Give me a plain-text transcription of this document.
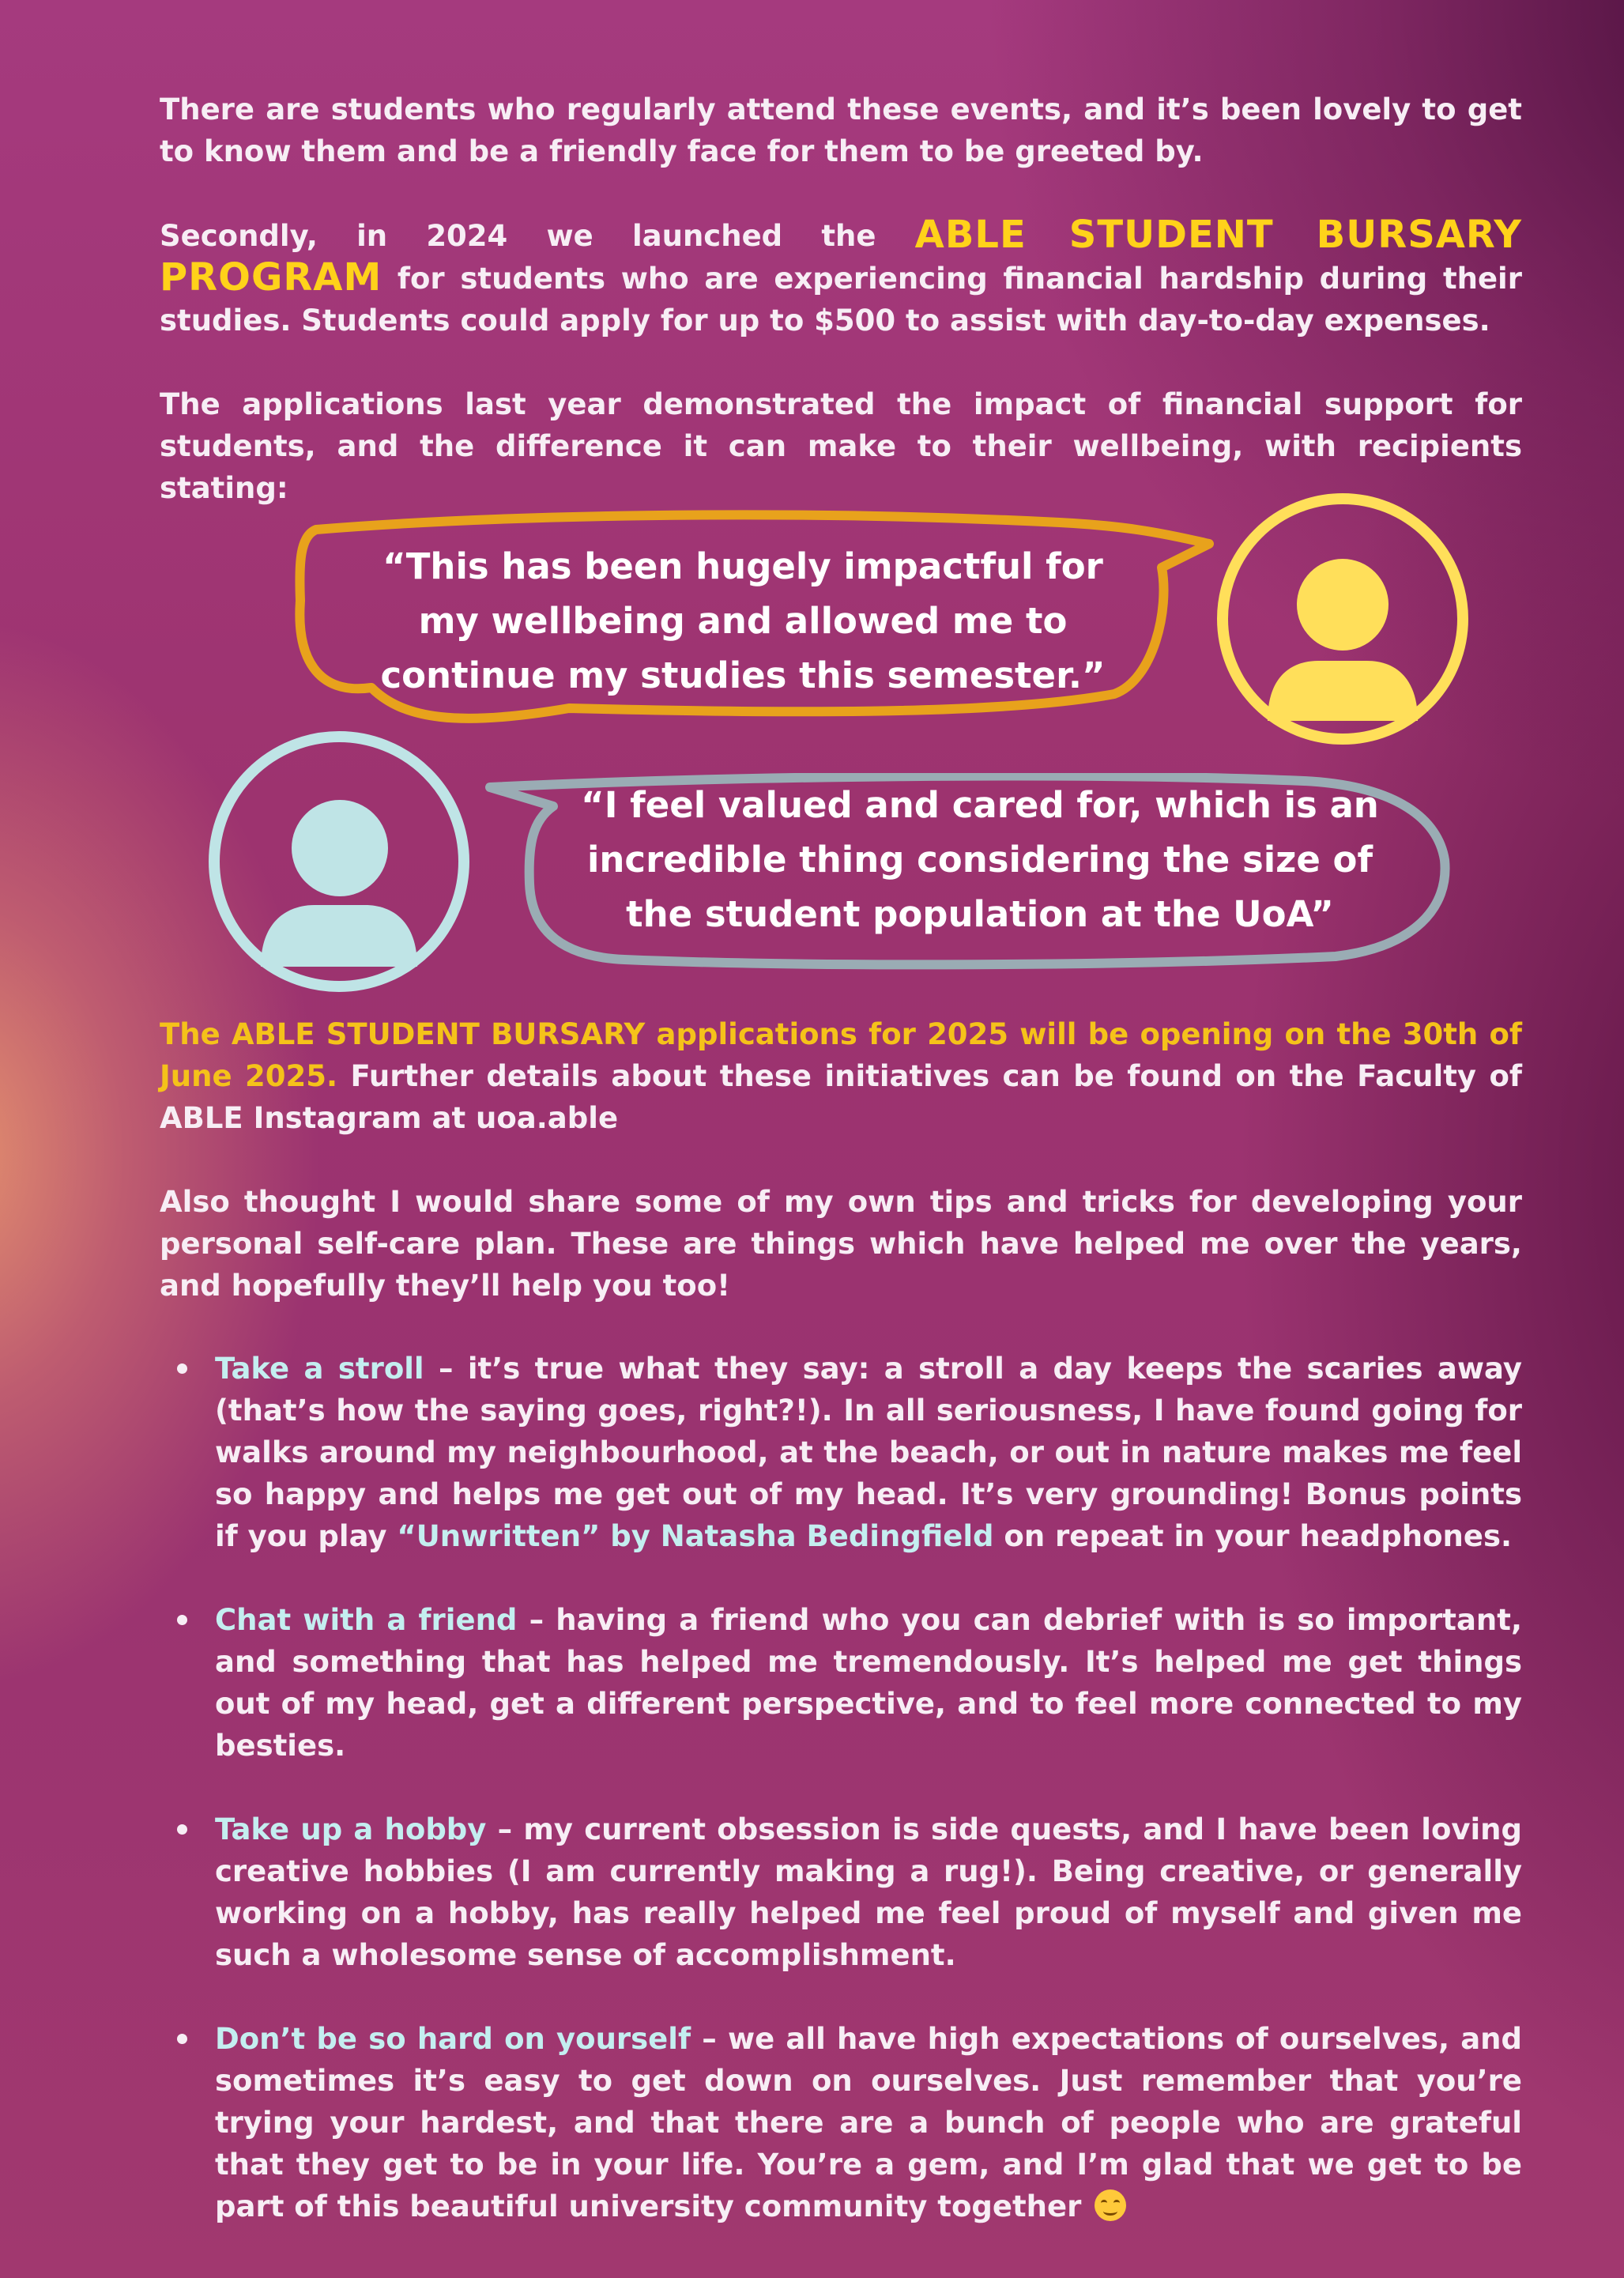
There are students who regularly attend these events, and it’s been lovely to get to know them and be a friendly face for them to be greeted by.

Secondly, in 2024 we launched the ABLE STUDENT BURSARY PROGRAM for students who are experiencing financial hardship during their studies. Students could apply for up to $500 to assist with day-to-day expenses.

The applications last year demonstrated the impact of financial support for students, and the difference it can make to their wellbeing, with recipients stating:

“This has been hugely impactful for my wellbeing and allowed me to continue my studies this semester.”
“I feel valued and cared for, which is an incredible thing considering the size of the student population at the UoA”

The ABLE STUDENT BURSARY applications for 2025 will be opening on the 30th of June 2025. Further details about these initiatives can be found on the Faculty of ABLE Instagram at uoa.able

Also thought I would share some of my own tips and tricks for developing your personal self-care plan. These are things which have helped me over the years, and hopefully they’ll help you too!

Take a stroll – it’s true what they say: a stroll a day keeps the scaries away (that’s how the saying goes, right?!). In all seriousness, I have found going for walks around my neighbourhood, at the beach, or out in nature makes me feel so happy and helps me get out of my head. It’s very grounding! Bonus points if you play “Unwritten” by Natasha Bedingfield on repeat in your headphones.
Chat with a friend – having a friend who you can debrief with is so important, and something that has helped me tremendously. It’s helped me get things out of my head, get a different perspective, and to feel more connected to my besties.
Take up a hobby – my current obsession is side quests, and I have been loving creative hobbies (I am currently making a rug!). Being creative, or generally working on a hobby, has really helped me feel proud of myself and given me such a wholesome sense of accomplishment.
Don’t be so hard on yourself – we all have high expectations of ourselves, and sometimes it’s easy to get down on ourselves. Just remember that you’re trying your hardest, and that there are a bunch of people who are grateful that they get to be in your life. You’re a gem, and I’m glad that we get to be part of this beautiful university community together
